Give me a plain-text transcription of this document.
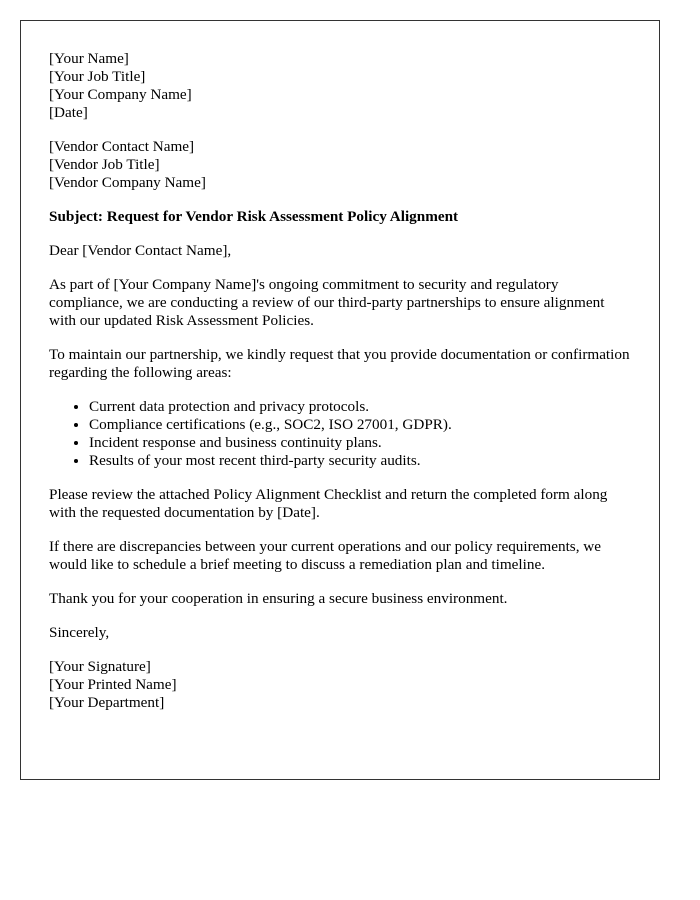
[Your Name]
[Your Job Title]
[Your Company Name]
[Date]
[Vendor Contact Name]
[Vendor Job Title]
[Vendor Company Name]
Subject: Request for Vendor Risk Assessment Policy Alignment

Dear [Vendor Contact Name],

As part of [Your Company Name]'s ongoing commitment to security and regulatory compliance, we are conducting a review of our third-party partnerships to ensure alignment with our updated Risk Assessment Policies.

To maintain our partnership, we kindly request that you provide documentation or confirmation regarding the following areas:

• Current data protection and privacy protocols.
• Compliance certifications (e.g., SOC2, ISO 27001, GDPR).
• Incident response and business continuity plans.
• Results of your most recent third-party security audits.

Please review the attached Policy Alignment Checklist and return the completed form along with the requested documentation by [Date].

If there are discrepancies between your current operations and our policy requirements, we would like to schedule a brief meeting to discuss a remediation plan and timeline.

Thank you for your cooperation in ensuring a secure business environment.

Sincerely,

[Your Signature]
[Your Printed Name]
[Your Department]
